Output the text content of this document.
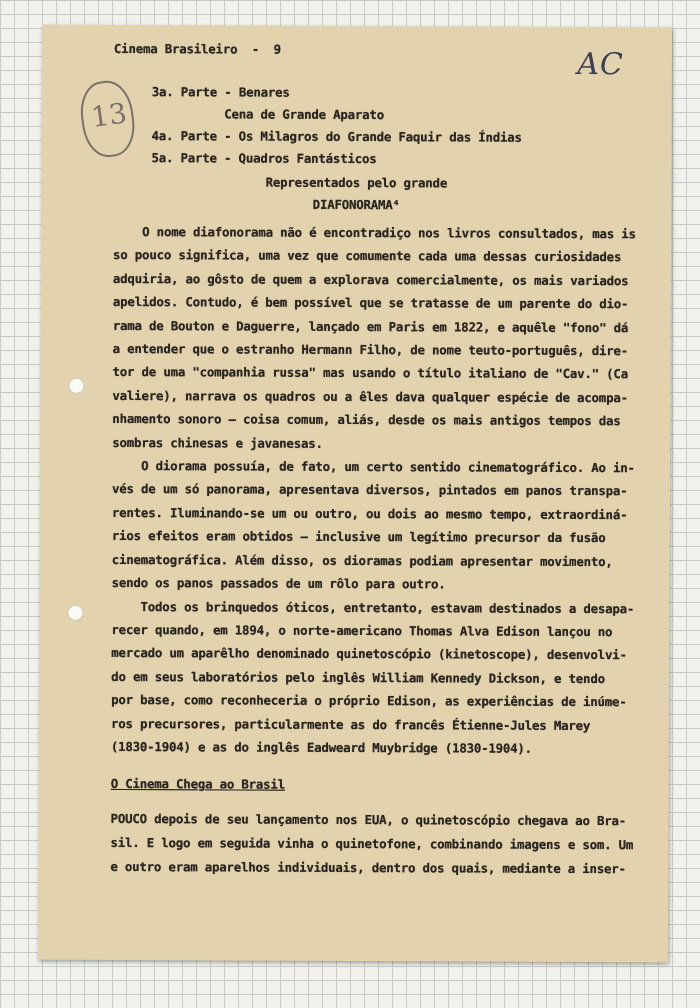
13
AC

Cinema Brasileiro  -  9

3a. Parte - Benares
Cena de Grande Aparato
4a. Parte - Os Milagros do Grande Faquir das Índias
5a. Parte - Quadros Fantásticos

Representados pelo grande

DIAFONORAMA⁴

O nome diafonorama não é encontradiço nos livros consultados, mas is
so pouco significa, uma vez que comumente cada uma dessas curiosidades
adquiria, ao gôsto de quem a explorava comercialmente, os mais variados
apelidos. Contudo, é bem possível que se tratasse de um parente do dio-
rama de Bouton e Daguerre, lançado em Paris em 1822, e aquêle "fono" dá
a entender que o estranho Hermann Filho, de nome teuto-português, dire-
tor de uma "companhia russa" mas usando o título italiano de "Cav." (Ca
valiere), narrava os quadros ou a êles dava qualquer espécie de acompa-
nhamento sonoro — coisa comum, aliás, desde os mais antigos tempos das
sombras chinesas e javanesas.
O diorama possuía, de fato, um certo sentido cinematográfico. Ao in-
vés de um só panorama, apresentava diversos, pintados em panos transpa-
rentes. Iluminando-se um ou outro, ou dois ao mesmo tempo, extraordiná-
rios efeitos eram obtidos — inclusive um legítimo precursor da fusão
cinematográfica. Além disso, os dioramas podiam apresentar movimento,
sendo os panos passados de um rôlo para outro.
Todos os brinquedos óticos, entretanto, estavam destinados a desapa-
recer quando, em 1894, o norte-americano Thomas Alva Edison lançou no
mercado um aparêlho denominado quinetoscópio (kinetoscope), desenvolvi-
do em seus laboratórios pelo inglês William Kennedy Dickson, e tendo
por base, como reconheceria o próprio Edison, as experiências de inúme-
ros precursores, particularmente as do francês Étienne-Jules Marey
(1830-1904) e as do inglês Eadweard Muybridge (1830-1904).

O Cinema Chega ao Brasil

POUCO depois de seu lançamento nos EUA, o quinetoscópio chegava ao Bra-
sil. E logo em seguida vinha o quinetofone, combinando imagens e som. Um
e outro eram aparelhos individuais, dentro dos quais, mediante a inser-
